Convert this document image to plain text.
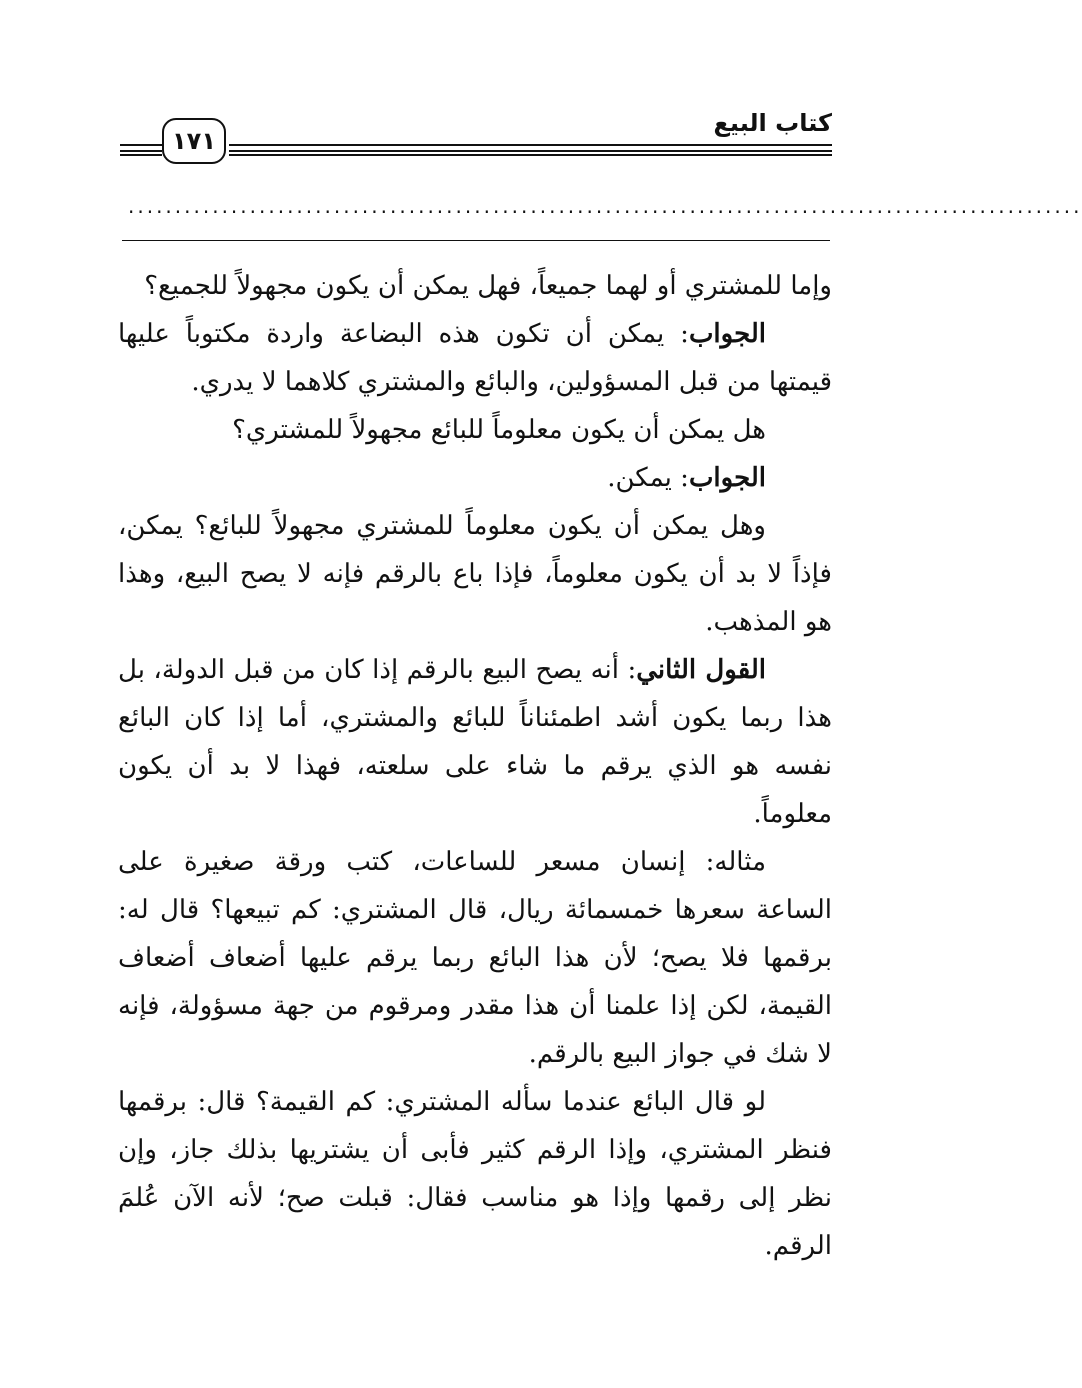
كتاب البيع
١٧١
......................................................................................................

وإما للمشتري أو لهما جميعاً، فهل يمكن أن يكون مجهولاً للجميع؟

الجواب: يمكن أن تكون هذه البضاعة واردة مكتوباً عليها قيمتها من قبل المسؤولين، والبائع والمشتري كلاهما لا يدري.

هل يمكن أن يكون معلوماً للبائع مجهولاً للمشتري؟

الجواب: يمكن.

وهل يمكن أن يكون معلوماً للمشتري مجهولاً للبائع؟ يمكن، فإذاً لا بد أن يكون معلوماً، فإذا باع بالرقم فإنه لا يصح البيع، وهذا هو المذهب.

القول الثاني: أنه يصح البيع بالرقم إذا كان من قبل الدولة، بل هذا ربما يكون أشد اطمئناناً للبائع والمشتري، أما إذا كان البائع نفسه هو الذي يرقم ما شاء على سلعته، فهذا لا بد أن يكون معلوماً.

مثاله: إنسان مسعر للساعات، كتب ورقة صغيرة على الساعة سعرها خمسمائة ريال، قال المشتري: كم تبيعها؟ قال له: برقمها فلا يصح؛ لأن هذا البائع ربما يرقم عليها أضعاف أضعاف القيمة، لكن إذا علمنا أن هذا مقدر ومرقوم من جهة مسؤولة، فإنه لا شك في جواز البيع بالرقم.

لو قال البائع عندما سأله المشتري: كم القيمة؟ قال: برقمها فنظر المشتري، وإذا الرقم كثير فأبى أن يشتريها بذلك جاز، وإن نظر إلى رقمها وإذا هو مناسب فقال: قبلت صح؛ لأنه الآن عُلمَ الرقم.
